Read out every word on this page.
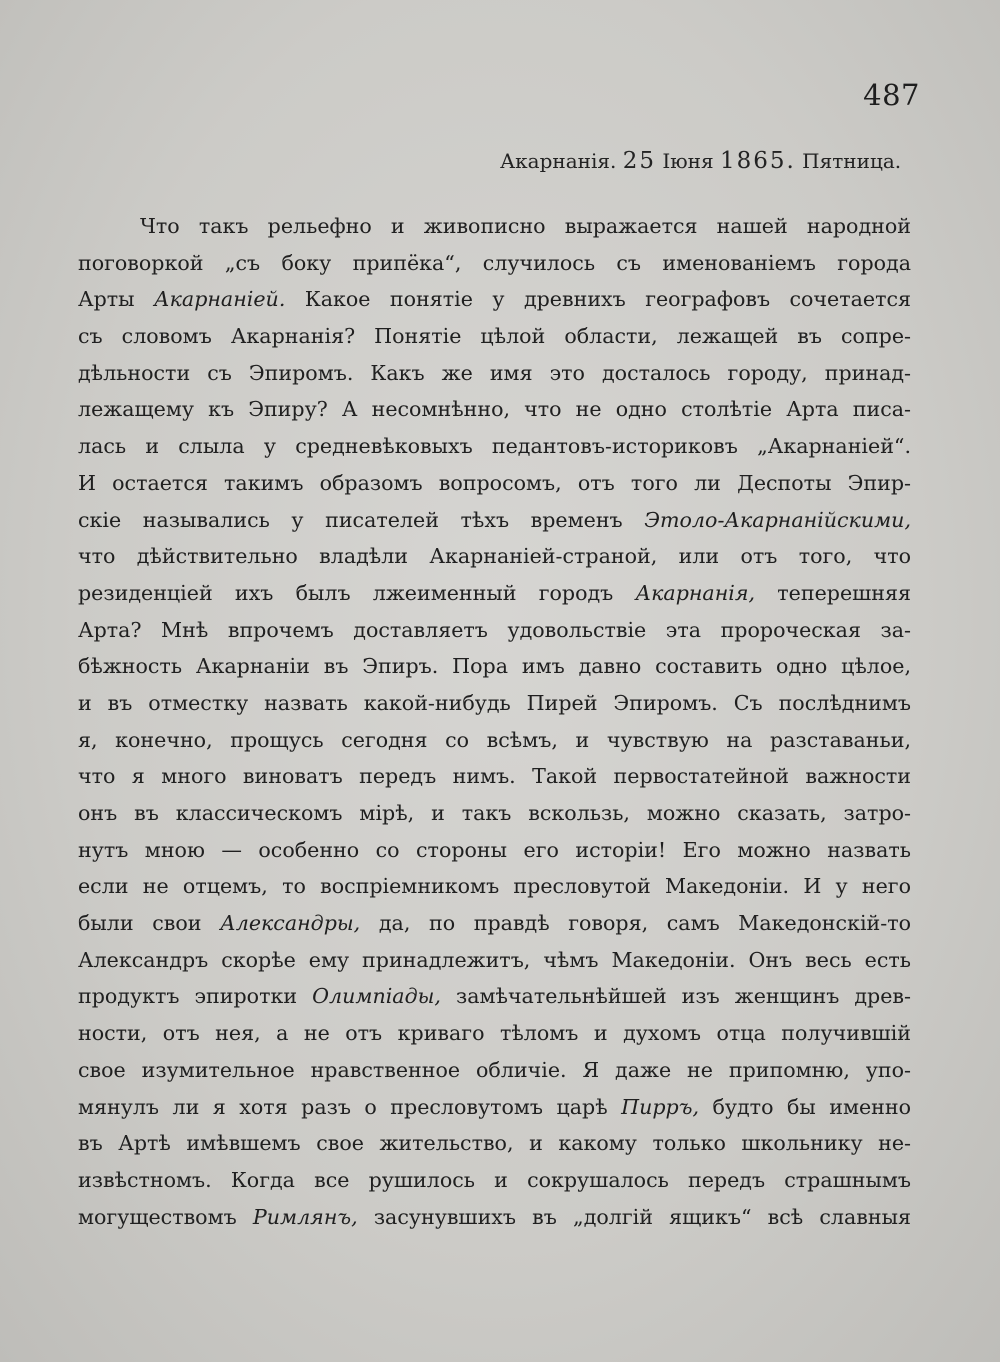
487
Акарнанія. 25 Іюня 1865. Пятница.
Что такъ рельефно и живописно выражается нашей народной
поговоркой „съ боку припёка“, случилось съ именованіемъ города
Арты Акарнаніей. Какое понятіе у древнихъ географовъ сочетается
съ словомъ Акарнанія? Понятіе цѣлой области, лежащей въ сопре-
дѣльности съ Эпиромъ. Какъ же имя это досталось городу, принад-
лежащему къ Эпиру? А несомнѣнно, что не одно столѣтіе Арта писа-
лась и слыла у средневѣковыхъ педантовъ-историковъ „Акарнаніей“.
И остается такимъ образомъ вопросомъ, отъ того ли Деспоты Эпир-
скіе назывались у писателей тѣхъ временъ Этоло-Акарнанійскими,
что дѣйствительно владѣли Акарнаніей-страной, или отъ того, что
резиденціей ихъ былъ лжеименный городъ Акарнанія, теперешняя
Арта? Мнѣ впрочемъ доставляетъ удовольствіе эта пророческая за-
бѣжность Акарнаніи въ Эпиръ. Пора имъ давно составить одно цѣлое,
и въ отместку назвать какой-нибудь Пирей Эпиромъ. Съ послѣднимъ
я, конечно, прощусь сегодня со всѣмъ, и чувствую на разставаньи,
что я много виноватъ передъ нимъ. Такой первостатейной важности
онъ въ классическомъ мірѣ, и такъ вскользь, можно сказать, затро-
нутъ мною — особенно со стороны его исторіи! Его можно назвать
если не отцемъ, то воспріемникомъ пресловутой Македоніи. И у него
были свои Александры, да, по правдѣ говоря, самъ Македонскій-то
Александръ скорѣе ему принадлежитъ, чѣмъ Македоніи. Онъ весь есть
продуктъ эпиротки Олимпіады, замѣчательнѣйшей изъ женщинъ древ-
ности, отъ нея, а не отъ криваго тѣломъ и духомъ отца получившій
свое изумительное нравственное обличіе. Я даже не припомню, упо-
мянулъ ли я хотя разъ о пресловутомъ царѣ Пирръ, будто бы именно
въ Артѣ имѣвшемъ свое жительство, и какому только школьнику не-
извѣстномъ. Когда все рушилось и сокрушалось передъ страшнымъ
могуществомъ Римлянъ, засунувшихъ въ „долгій ящикъ“ всѣ славныя
